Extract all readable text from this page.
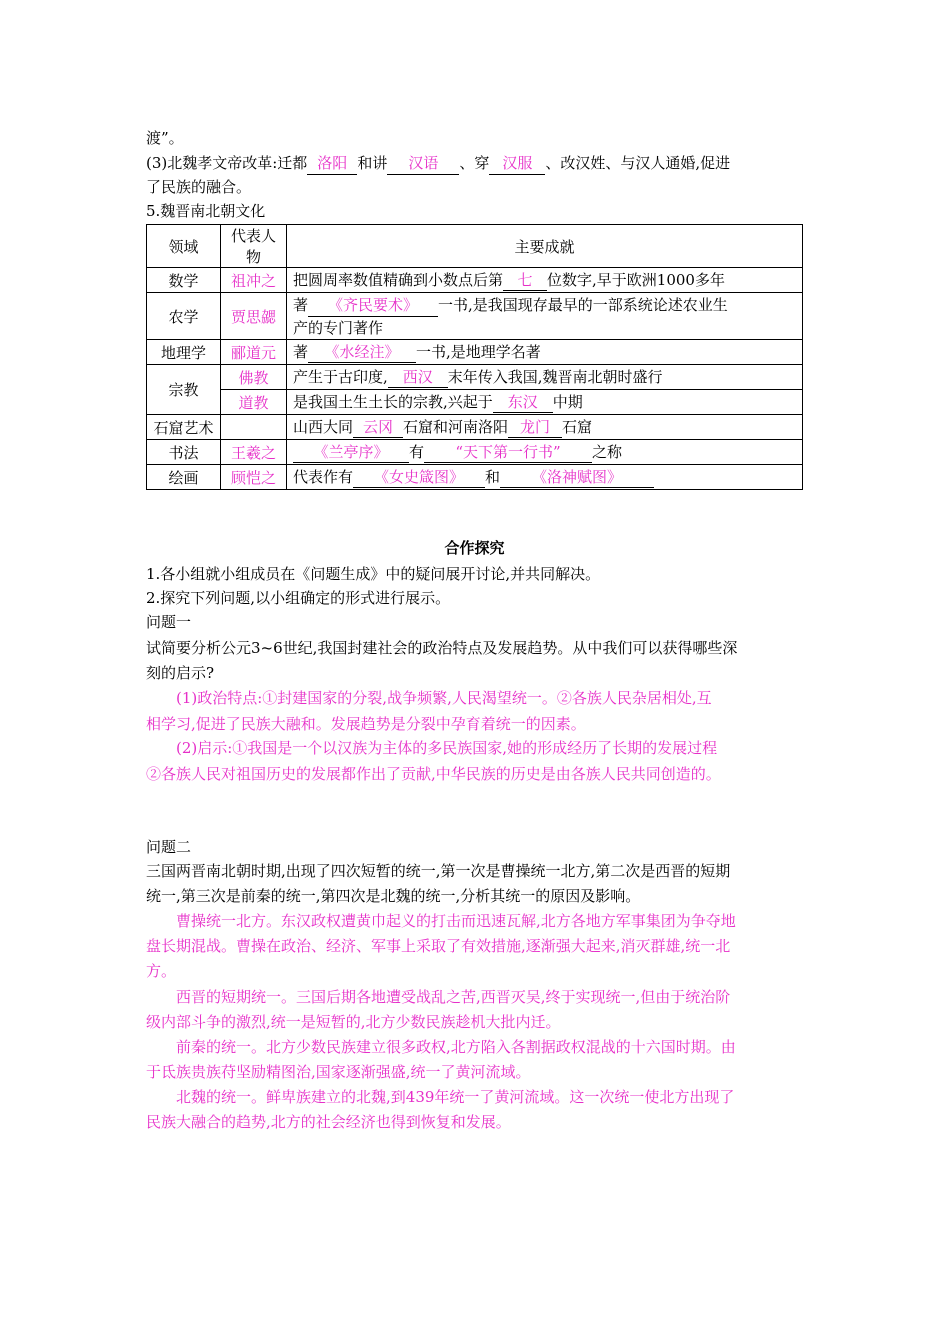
渡”。
(3)北魏孝文帝改革:迁都 洛阳 和讲 汉语 、穿 汉服 、改汉姓、与汉人通婚,促进
了民族的融合。
5.魏晋南北朝文化
领域	代表人物	主要成就
数学	祖冲之	把圆周率数值精确到小数点后第 七 位数字,早于欧洲1000多年
农学	贾思勰	著 《齐民要术》 一书,是我国现存最早的一部系统论述农业生
产的专门著作
地理学	郦道元	著 《水经注》 一书,是地理学名著
宗教	佛教	产生于古印度, 西汉 末年传入我国,魏晋南北朝时盛行
	道教	是我国土生土长的宗教,兴起于 东汉 中期
石窟艺术		山西大同 云冈 石窟和河南洛阳 龙门 石窟
书法	王羲之	《兰亭序》 有 “天下第一行书” 之称
绘画	顾恺之	代表作有 《女史箴图》 和 《洛神赋图》
合作探究
1.各小组就小组成员在《问题生成》中的疑问展开讨论,并共同解决。
2.探究下列问题,以小组确定的形式进行展示。
问题一
试简要分析公元3~6世纪,我国封建社会的政治特点及发展趋势。从中我们可以获得哪些深
刻的启示?
(1)政治特点:①封建国家的分裂,战争频繁,人民渴望统一。②各族人民杂居相处,互
相学习,促进了民族大融和。发展趋势是分裂中孕育着统一的因素。
(2)启示:①我国是一个以汉族为主体的多民族国家,她的形成经历了长期的发展过程
②各族人民对祖国历史的发展都作出了贡献,中华民族的历史是由各族人民共同创造的。
问题二
三国两晋南北朝时期,出现了四次短暂的统一,第一次是曹操统一北方,第二次是西晋的短期
统一,第三次是前秦的统一,第四次是北魏的统一,分析其统一的原因及影响。
曹操统一北方。东汉政权遭黄巾起义的打击而迅速瓦解,北方各地方军事集团为争夺地
盘长期混战。曹操在政治、经济、军事上采取了有效措施,逐渐强大起来,消灭群雄,统一北
方。
西晋的短期统一。三国后期各地遭受战乱之苦,西晋灭吴,终于实现统一,但由于统治阶
级内部斗争的激烈,统一是短暂的,北方少数民族趁机大批内迁。
前秦的统一。北方少数民族建立很多政权,北方陷入各割据政权混战的十六国时期。由
于氐族贵族苻坚励精图治,国家逐渐强盛,统一了黄河流域。
北魏的统一。鲜卑族建立的北魏,到439年统一了黄河流域。这一次统一使北方出现了
民族大融合的趋势,北方的社会经济也得到恢复和发展。
